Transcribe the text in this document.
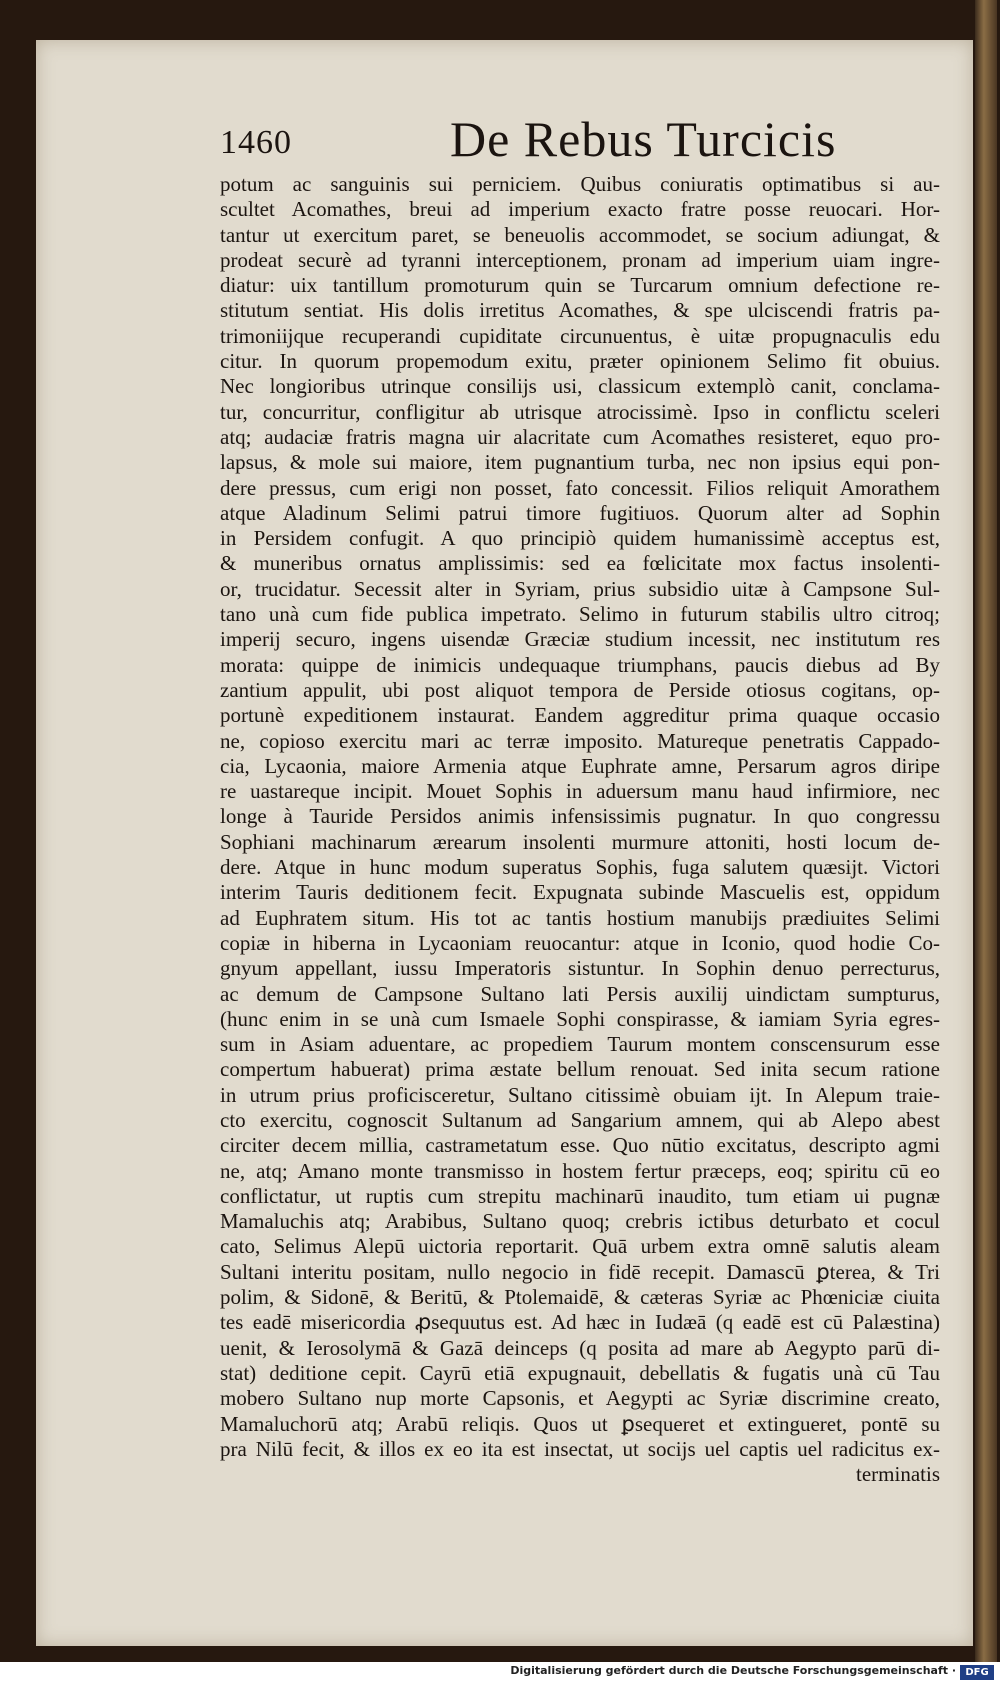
1460	De Rebus Turcicis
potum ac sanguinis sui perniciem. Quibus coniuratis optimatibus si au-
scultet Acomathes, breui ad imperium exacto fratre posse reuocari. Hor-
tantur ut exercitum paret, se beneuolis accommodet, se socium adiungat, &
prodeat securè ad tyranni interceptionem, pronam ad imperium uiam ingre-
diatur: uix tantillum promoturum quin se Turcarum omnium defectione re-
stitutum sentiat. His dolis irretitus Acomathes, & spe ulciscendi fratris pa-
trimoniijque recuperandi cupiditate circunuentus, è uitæ propugnaculis edu
citur. In quorum propemodum exitu, præter opinionem Selimo fit obuius.
Nec longioribus utrinque consilijs usi, classicum extemplò canit, conclama-
tur, concurritur, confligitur ab utrisque atrocissimè. Ipso in conflictu sceleri
atq; audaciæ fratris magna uir alacritate cum Acomathes resisteret, equo pro-
lapsus, & mole sui maiore, item pugnantium turba, nec non ipsius equi pon-
dere pressus, cum erigi non posset, fato concessit. Filios reliquit Amorathem
atque Aladinum Selimi patrui timore fugitiuos. Quorum alter ad Sophin
in Persidem confugit. A quo principiò quidem humanissimè acceptus est,
& muneribus ornatus amplissimis: sed ea fœlicitate mox factus insolenti-
or, trucidatur. Secessit alter in Syriam, prius subsidio uitæ à Campsone Sul-
tano unà cum fide publica impetrato. Selimo in futurum stabilis ultro citroq;
imperij securo, ingens uisendæ Græciæ studium incessit, nec institutum res
morata: quippe de inimicis undequaque triumphans, paucis diebus ad By
zantium appulit, ubi post aliquot tempora de Perside otiosus cogitans, op-
portunè expeditionem instaurat. Eandem aggreditur prima quaque occasio
ne, copioso exercitu mari ac terræ imposito. Matureque penetratis Cappado-
cia, Lycaonia, maiore Armenia atque Euphrate amne, Persarum agros diripe
re uastareque incipit. Mouet Sophis in aduersum manu haud infirmiore, nec
longe à Tauride Persidos animis infensissimis pugnatur. In quo congressu
Sophiani machinarum ærearum insolenti murmure attoniti, hosti locum de-
dere. Atque in hunc modum superatus Sophis, fuga salutem quæsijt. Victori
interim Tauris deditionem fecit. Expugnata subinde Mascuelis est, oppidum
ad Euphratem situm. His tot ac tantis hostium manubijs prædiuites Selimi
copiæ in hiberna in Lycaoniam reuocantur: atque in Iconio, quod hodie Co-
gnyum appellant, iussu Imperatoris sistuntur. In Sophin denuo perrecturus,
ac demum de Campsone Sultano lati Persis auxilij uindictam sumpturus,
(hunc enim in se unà cum Ismaele Sophi conspirasse, & iamiam Syria egres-
sum in Asiam aduentare, ac propediem Taurum montem conscensurum esse
compertum habuerat) prima æstate bellum renouat. Sed inita secum ratione
in utrum prius proficisceretur, Sultano citissimè obuiam ijt. In Alepum traie-
cto exercitu, cognoscit Sultanum ad Sangarium amnem, qui ab Alepo abest
circiter decem millia, castrametatum esse. Quo nūtio excitatus, descripto agmi
ne, atq; Amano monte transmisso in hostem fertur præceps, eoq; spiritu cū eo
conflictatur, ut ruptis cum strepitu machinarū inaudito, tum etiam ui pugnæ
Mamaluchis atq; Arabibus, Sultano quoq; crebris ictibus deturbato et cocul
cato, Selimus Alepū uictoria reportarit. Quā urbem extra omnē salutis aleam
Sultani interitu positam, nullo negocio in fidē recepit. Damascū ꝑterea, & Tri
polim, & Sidonē, & Beritū, & Ptolemaidē, & cæteras Syriæ ac Phœniciæ ciuita
tes eadē misericordia ꝓsequutus est. Ad hæc in Iudæā (q eadē est cū Palæstina)
uenit, & Ierosolymā & Gazā deinceps (q posita ad mare ab Aegypto parū di-
stat) deditione cepit. Cayrū etiā expugnauit, debellatis & fugatis unà cū Tau
mobero Sultano nup morte Capsonis, et Aegypti ac Syriæ discrimine creato,
Mamaluchorū atq; Arabū reliqis. Quos ut ꝑsequeret et extingueret, pontē su
pra Nilū fecit, & illos ex eo ita est insectat, ut socijs uel captis uel radicitus ex-
terminatis
Digitalisierung gefördert durch die Deutsche Forschungsgemeinschaft · DFG
